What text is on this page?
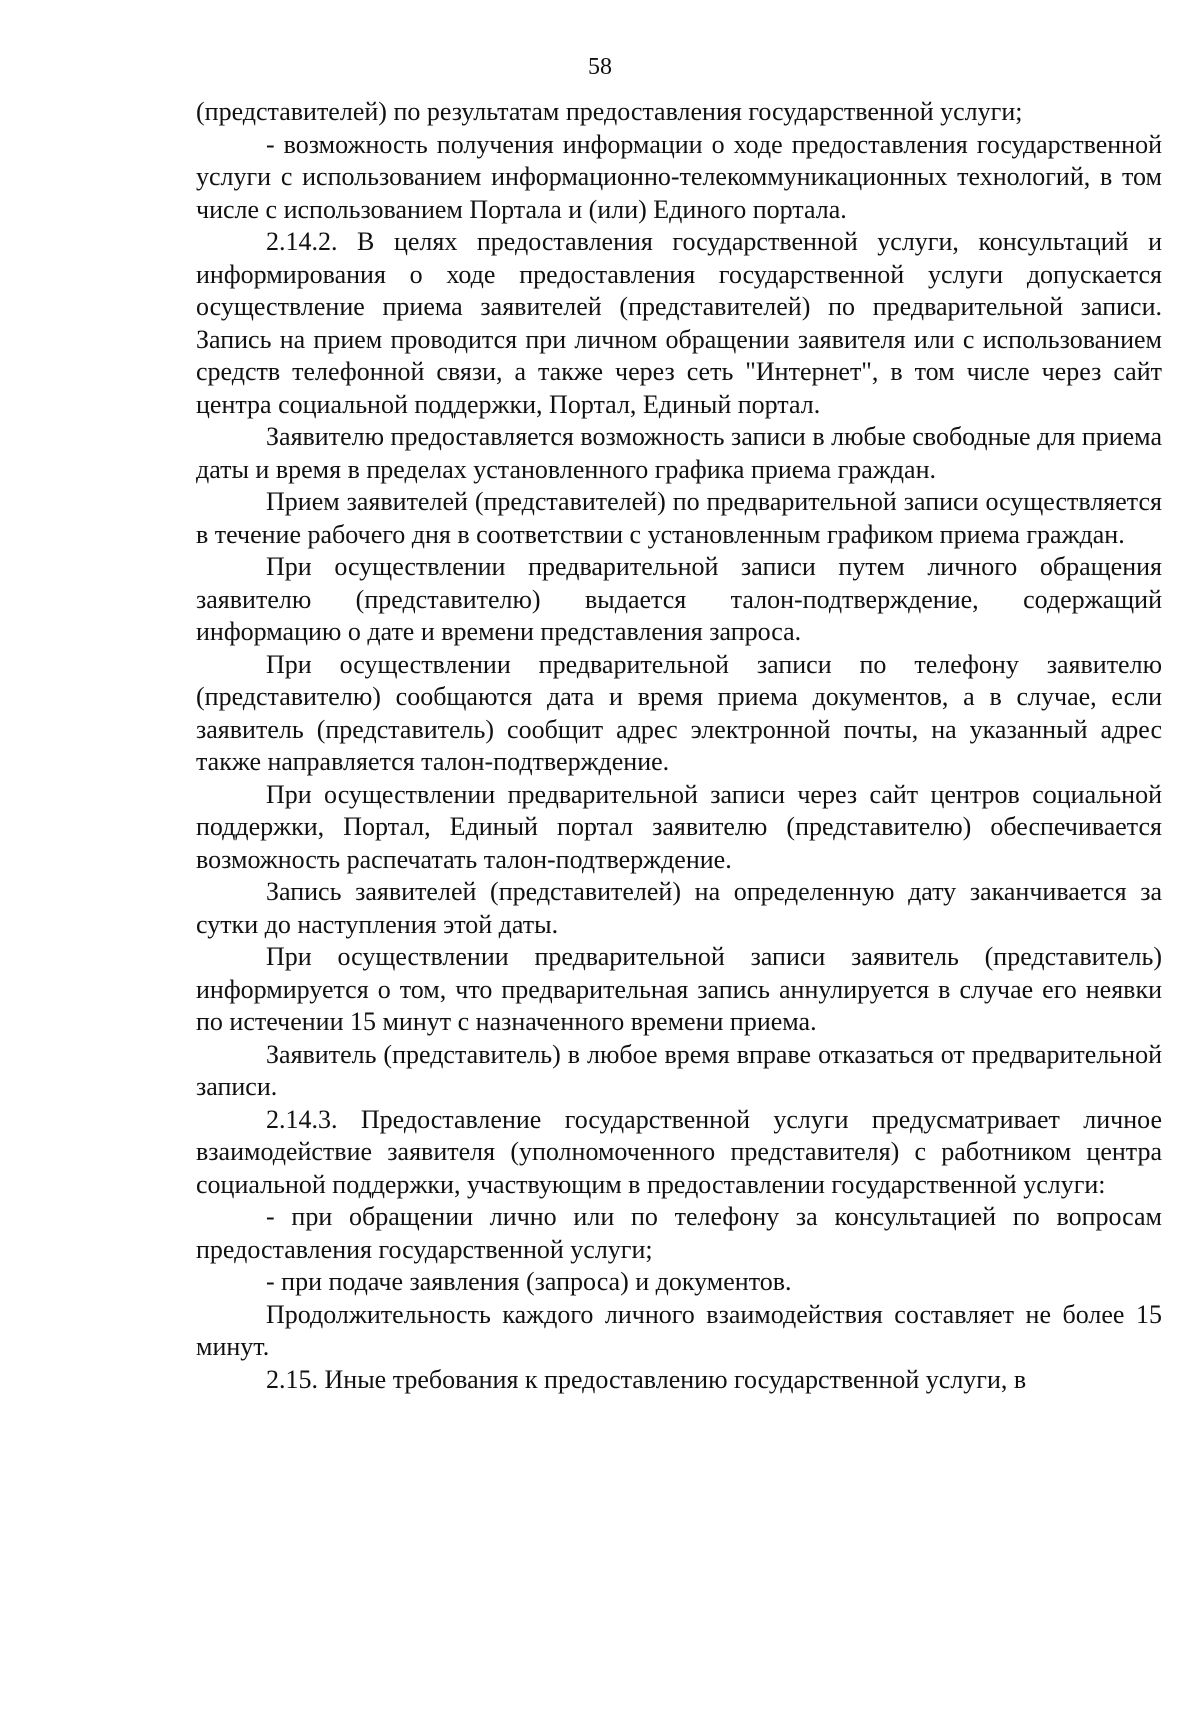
58

(представителей) по результатам предоставления государственной услуги;

- возможность получения информации о ходе предоставления государственной услуги с использованием информационно-телекоммуникационных технологий, в том числе с использованием Портала и (или) Единого портала.

2.14.2. В целях предоставления государственной услуги, консультаций и информирования о ходе предоставления государственной услуги допускается осуществление приема заявителей (представителей) по предварительной записи. Запись на прием проводится при личном обращении заявителя или с использованием средств телефонной связи, а также через сеть "Интернет", в том числе через сайт центра социальной поддержки, Портал, Единый портал.

Заявителю предоставляется возможность записи в любые свободные для приема даты и время в пределах установленного графика приема граждан.

Прием заявителей (представителей) по предварительной записи осуществляется в течение рабочего дня в соответствии с установленным графиком приема граждан.

При осуществлении предварительной записи путем личного обращения заявителю (представителю) выдается талон-подтверждение, содержащий информацию о дате и времени представления запроса.

При осуществлении предварительной записи по телефону заявителю (представителю) сообщаются дата и время приема документов, а в случае, если заявитель (представитель) сообщит адрес электронной почты, на указанный адрес также направляется талон-подтверждение.

При осуществлении предварительной записи через сайт центров социальной поддержки, Портал, Единый портал заявителю (представителю) обеспечивается возможность распечатать талон-подтверждение.

Запись заявителей (представителей) на определенную дату заканчивается за сутки до наступления этой даты.

При осуществлении предварительной записи заявитель (представитель) информируется о том, что предварительная запись аннулируется в случае его неявки по истечении 15 минут с назначенного времени приема.

Заявитель (представитель) в любое время вправе отказаться от предварительной записи.

2.14.3. Предоставление государственной услуги предусматривает личное взаимодействие заявителя (уполномоченного представителя) с работником центра социальной поддержки, участвующим в предоставлении государственной услуги:

- при обращении лично или по телефону за консультацией по вопросам предоставления государственной услуги;

- при подаче заявления (запроса) и документов.

Продолжительность каждого личного взаимодействия составляет не более 15 минут.

2.15. Иные требования к предоставлению государственной услуги, в
